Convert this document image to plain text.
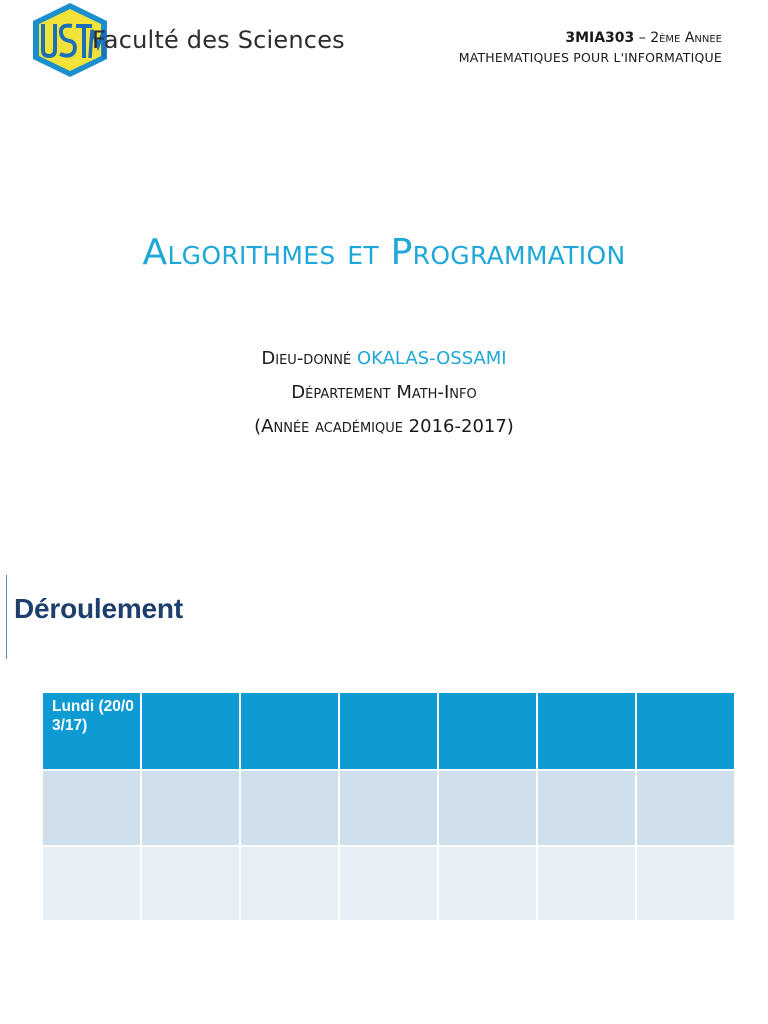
Faculté des Sciences	3MIA303 – 2ème Annee
MATHEMATIQUES POUR L'INFORMATIQUE
Algorithmes et Programmation
Dieu-donné OKALAS-OSSAMI
Département Math-Info
(Année académique 2016-2017)
Déroulement
Lundi (20/03/17)						
